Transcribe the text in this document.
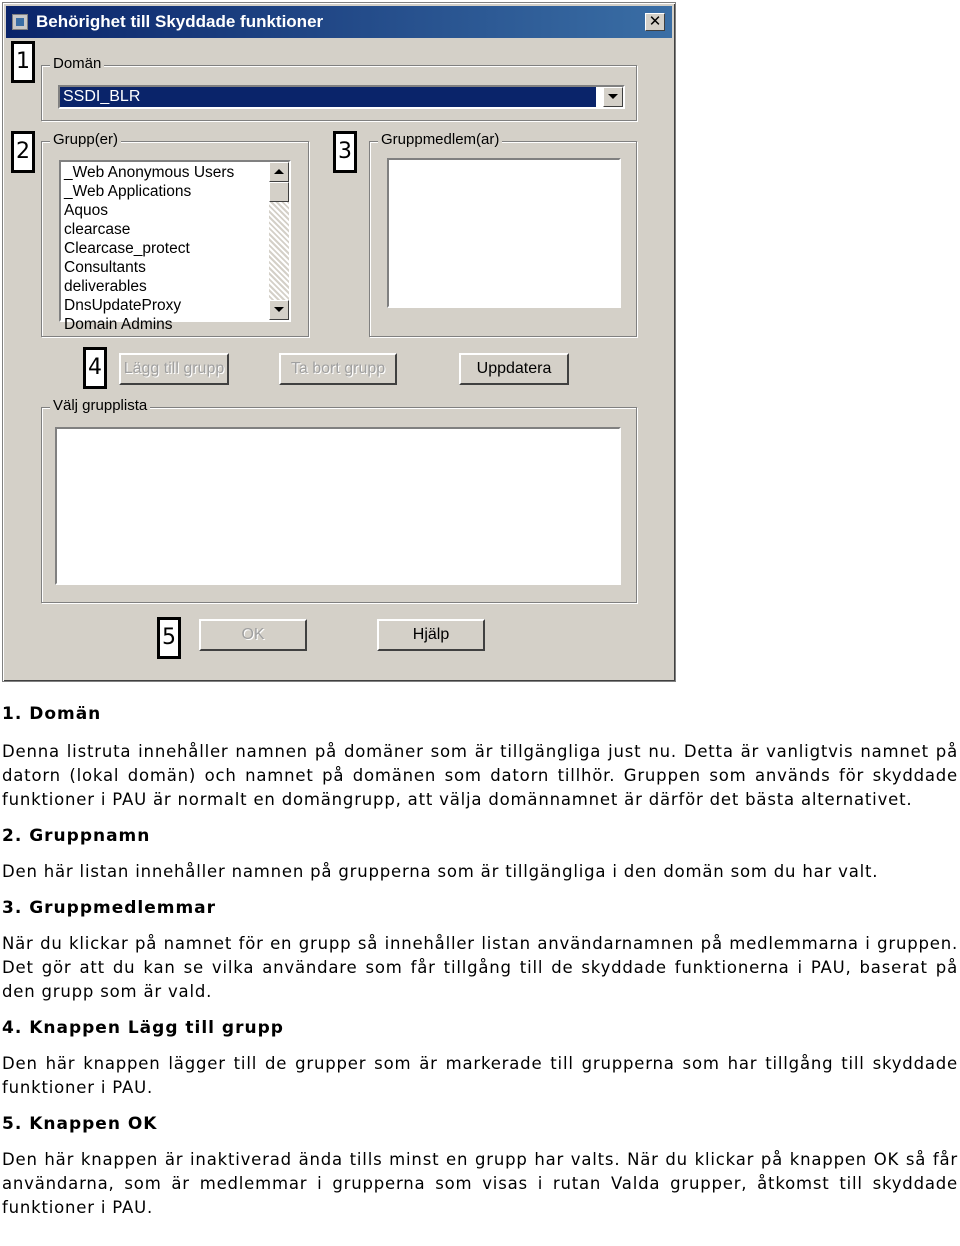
Behörighet till Skyddade funktioner	✕
Domän
SSDI_BLR
Grupp(er)
_Web Anonymous Users
_Web Applications
Aquos
clearcase
Clearcase_protect
Consultants
deliverables
DnsUpdateProxy
Domain Admins
Gruppmedlem(ar)
Lägg till grupp	Ta bort grupp	Uppdatera
Välj grupplista
OK	Hjälp
1
2	3
4
5
1. Domän

Denna listruta innehåller namnen på domäner som är tillgängliga just nu. Detta är vanligtvis namnet på datorn (lokal domän) och namnet på domänen som datorn tillhör. Gruppen som används för skyddade funktioner i PAU är normalt en domängrupp, att välja domännamnet är därför det bästa alternativet.

2. Gruppnamn

Den här listan innehåller namnen på grupperna som är tillgängliga i den domän som du har valt.

3. Gruppmedlemmar

När du klickar på namnet för en grupp så innehåller listan användarnamnen på medlemmarna i gruppen. Det gör att du kan se vilka användare som får tillgång till de skyddade funktionerna i PAU, baserat på den grupp som är vald.

4. Knappen Lägg till grupp

Den här knappen lägger till de grupper som är markerade till grupperna som har tillgång till skyddade funktioner i PAU.

5. Knappen OK

Den här knappen är inaktiverad ända tills minst en grupp har valts. När du klickar på knappen OK så får användarna, som är medlemmar i grupperna som visas i rutan Valda grupper, åtkomst till skyddade funktioner i PAU.
